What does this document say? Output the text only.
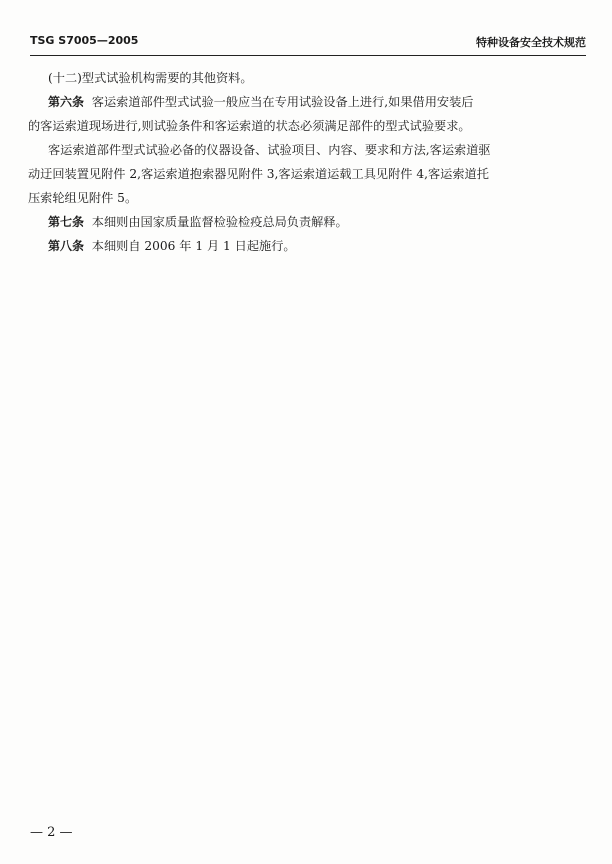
TSG S7005—2005	特种设备安全技术规范

(十二)型式试验机构需要的其他资料。

第六条 客运索道部件型式试验一般应当在专用试验设备上进行,如果借用安装后

的客运索道现场进行,则试验条件和客运索道的状态必须满足部件的型式试验要求。

客运索道部件型式试验必备的仪器设备、试验项目、内容、要求和方法,客运索道驱

动迂回装置见附件 2,客运索道抱索器见附件 3,客运索道运载工具见附件 4,客运索道托

压索轮组见附件 5。

第七条 本细则由国家质量监督检验检疫总局负责解释。

第八条 本细则自 2006 年 1 月 1 日起施行。

— 2 —
